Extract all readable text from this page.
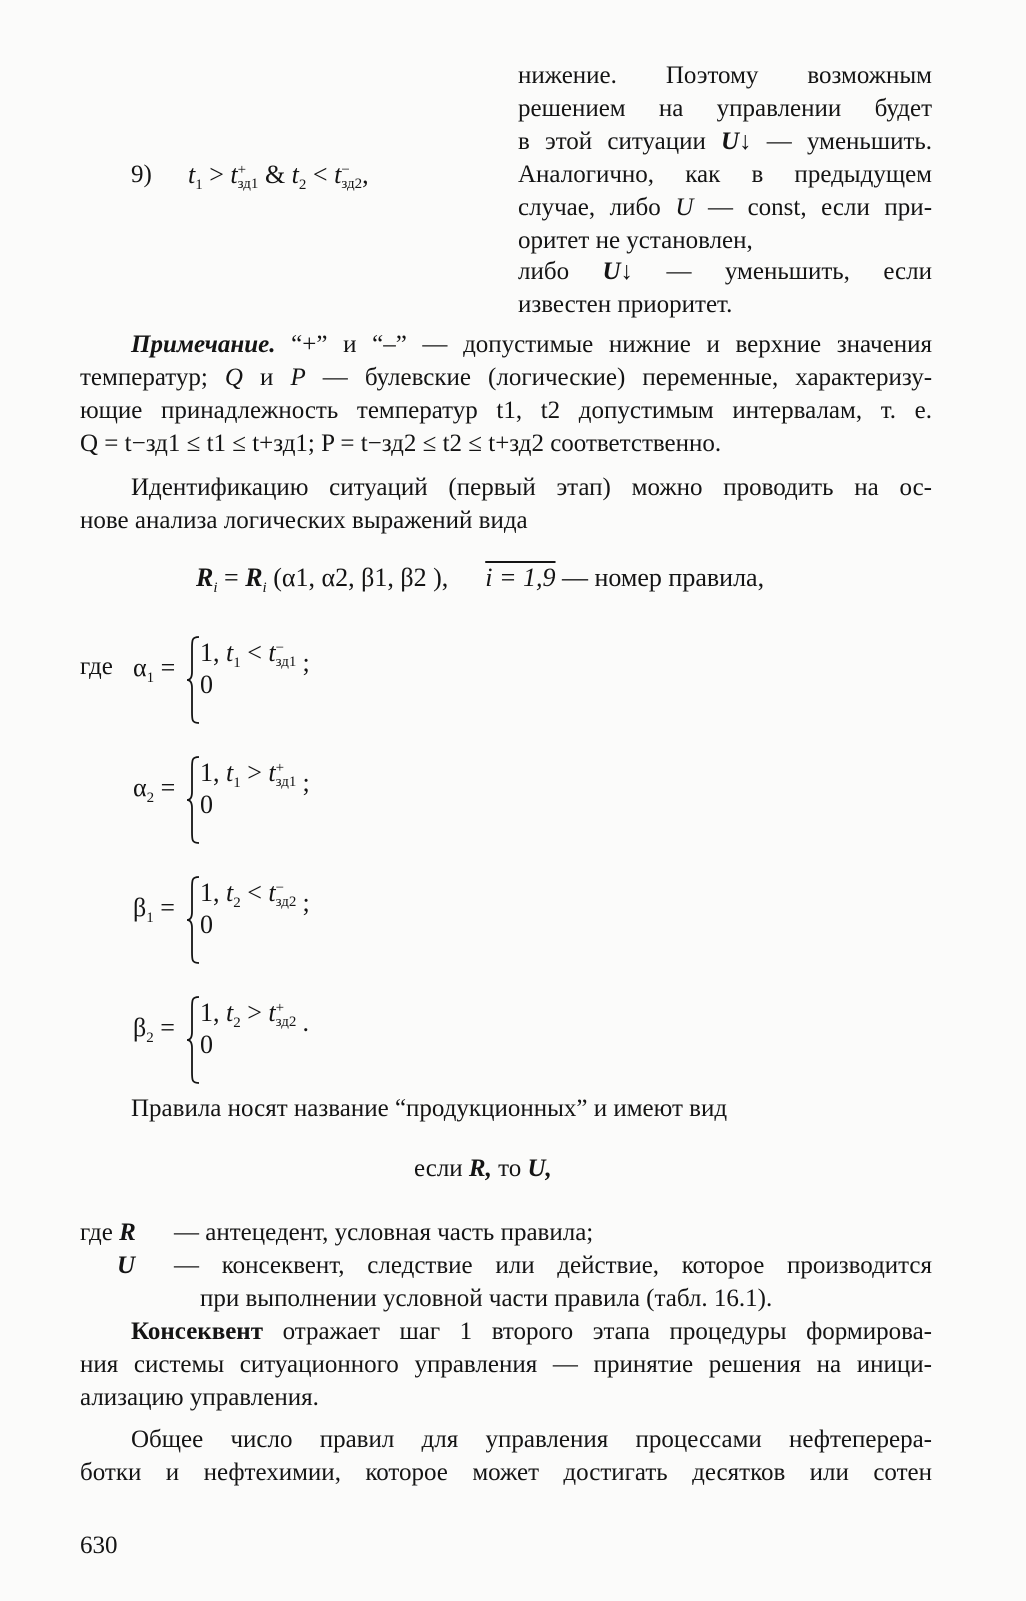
нижение. Поэтому возможным
решением на управлении будет
в этой ситуации U↓ — уменьшить.
Аналогично, как в предыдущем
случае, либо U — const, если при-
оритет не установлен,
либо U↓ — уменьшить, если
известен приоритет.
9) $t_1 > t$ +
зд1 & $t_2 < t$ −
зд2 ,
Примечание. “+” и “–” — допустимые нижние и верхние значения
температур; Q и P — булевские (логические) переменные, характеризу-
ющие принадлежность температур t1, t2 допустимым интервалам, т. е.
Q = t−зд1 ≤ t1 ≤ t+зд1; P = t−зд2 ≤ t2 ≤ t+зд2 соответственно.
Идентификацию ситуаций (первый этап) можно проводить на ос-
нове анализа логических выражений вида
$R_i = R_i$ (α1, α2, β1, β2 ), i = 1,9 — номер правила,
где $\alpha_1$ =
1, $t_1 < t$ −
зд1 ;
0
$\alpha_2$ =
1, $t_1 > t$ +
зд1 ;
0
$\beta_1$ =
1, $t_2 < t$ −
зд2 ;
0
$\beta_2$ =
1, $t_2 > t$ +
зд2 .
0
Правила носят название “продукционных” и имеют вид
если R, то U,
где R — антецедент, условная часть правила;
U — консеквент, следствие или действие, которое производится
при выполнении условной части правила (табл. 16.1).
Консеквент отражает шаг 1 второго этапа процедуры формирова-
ния системы ситуационного управления — принятие решения на иници-
ализацию управления.
Общее число правил для управления процессами нефтеперера-
ботки и нефтехимии, которое может достигать десятков или сотен
630
